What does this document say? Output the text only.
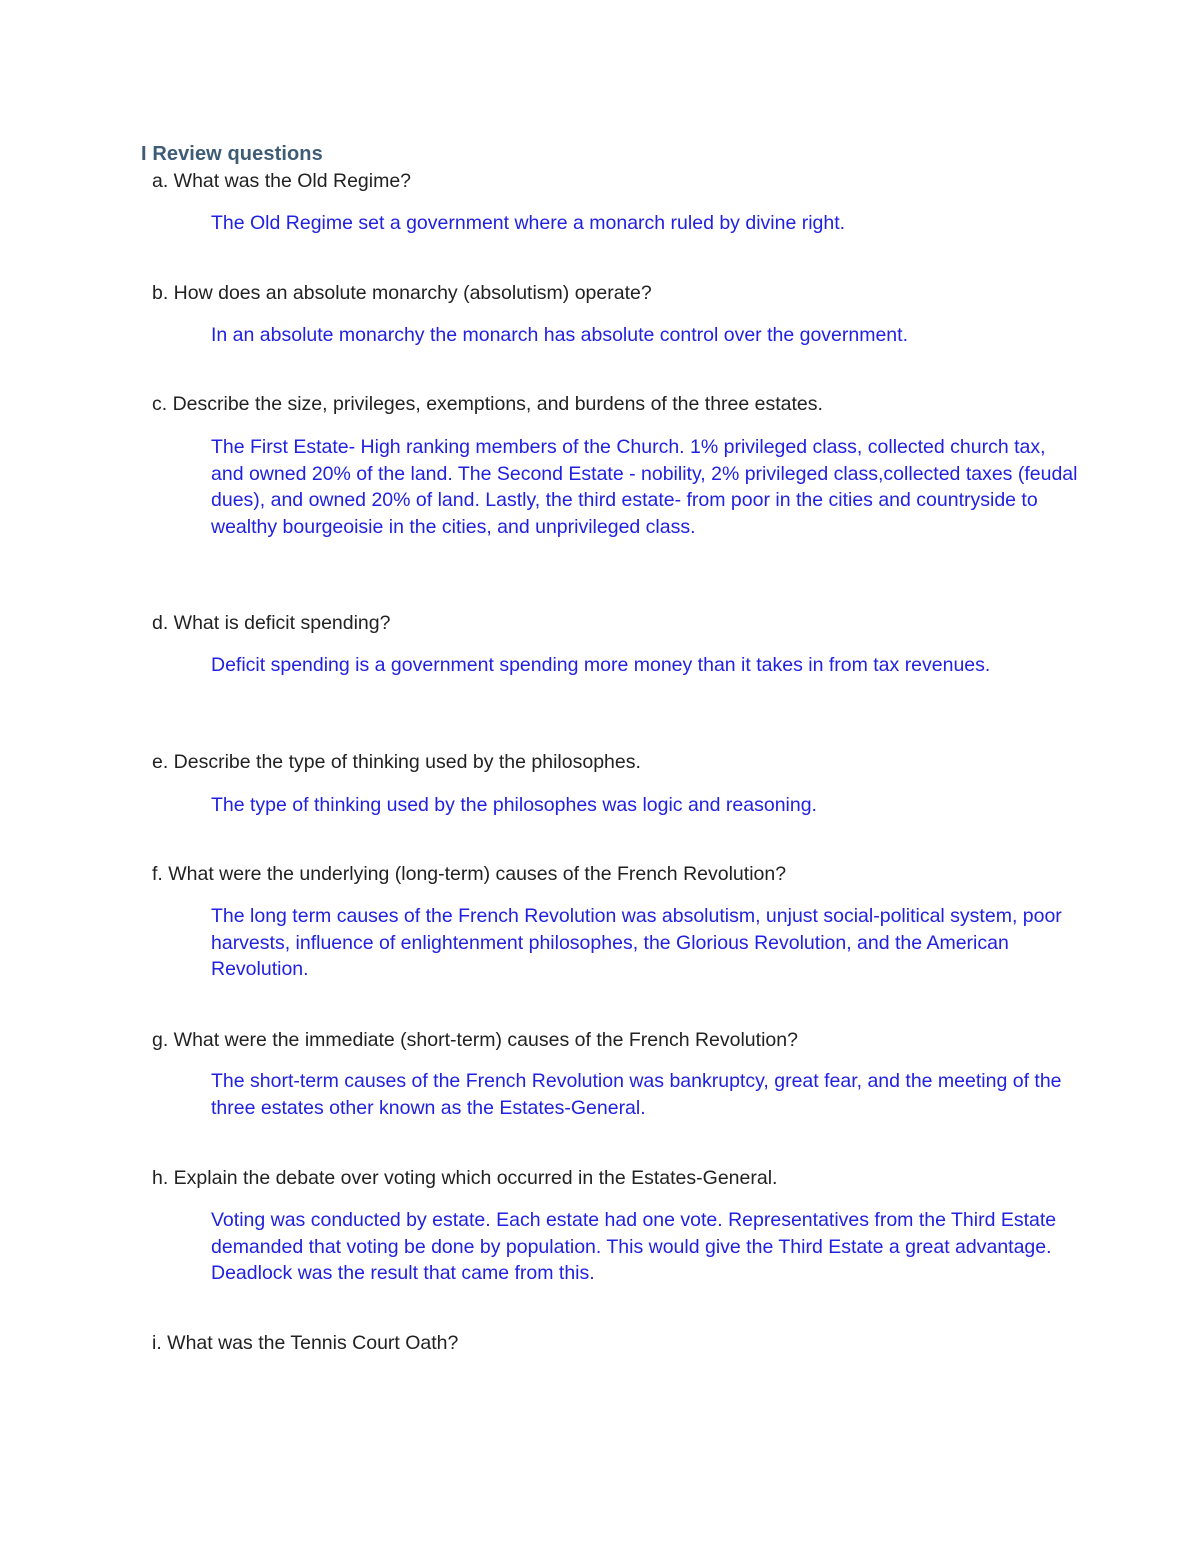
I Review questions
a. What was the Old Regime?
The Old Regime set a government where a monarch ruled by divine right.
b. How does an absolute monarchy (absolutism) operate?
In an absolute monarchy the monarch has absolute control over the government.
c. Describe the size, privileges, exemptions, and burdens of the three estates.
The First Estate- High ranking members of the Church. 1% privileged class, collected church tax, and owned 20% of the land. The Second Estate - nobility, 2% privileged class,collected taxes (feudal dues), and owned 20% of land. Lastly, the third estate- from poor in the cities and countryside to wealthy bourgeoisie in the cities, and unprivileged class.
d. What is deficit spending?
Deficit spending is a government spending more money than it takes in from tax revenues.
e. Describe the type of thinking used by the philosophes.
The type of thinking used by the philosophes was logic and reasoning.
f. What were the underlying (long-term) causes of the French Revolution?
The long term causes of the French Revolution was absolutism, unjust social-political system, poor harvests, influence of enlightenment philosophes, the Glorious Revolution, and the American Revolution.
g. What were the immediate (short-term) causes of the French Revolution?
The short-term causes of the French Revolution was bankruptcy, great fear, and the meeting of the three estates other known as the Estates-General.
h. Explain the debate over voting which occurred in the Estates-General.
Voting was conducted by estate. Each estate had one vote. Representatives from the Third Estate demanded that voting be done by population. This would give the Third Estate a great advantage. Deadlock was the result that came from this.
i. What was the Tennis Court Oath?
